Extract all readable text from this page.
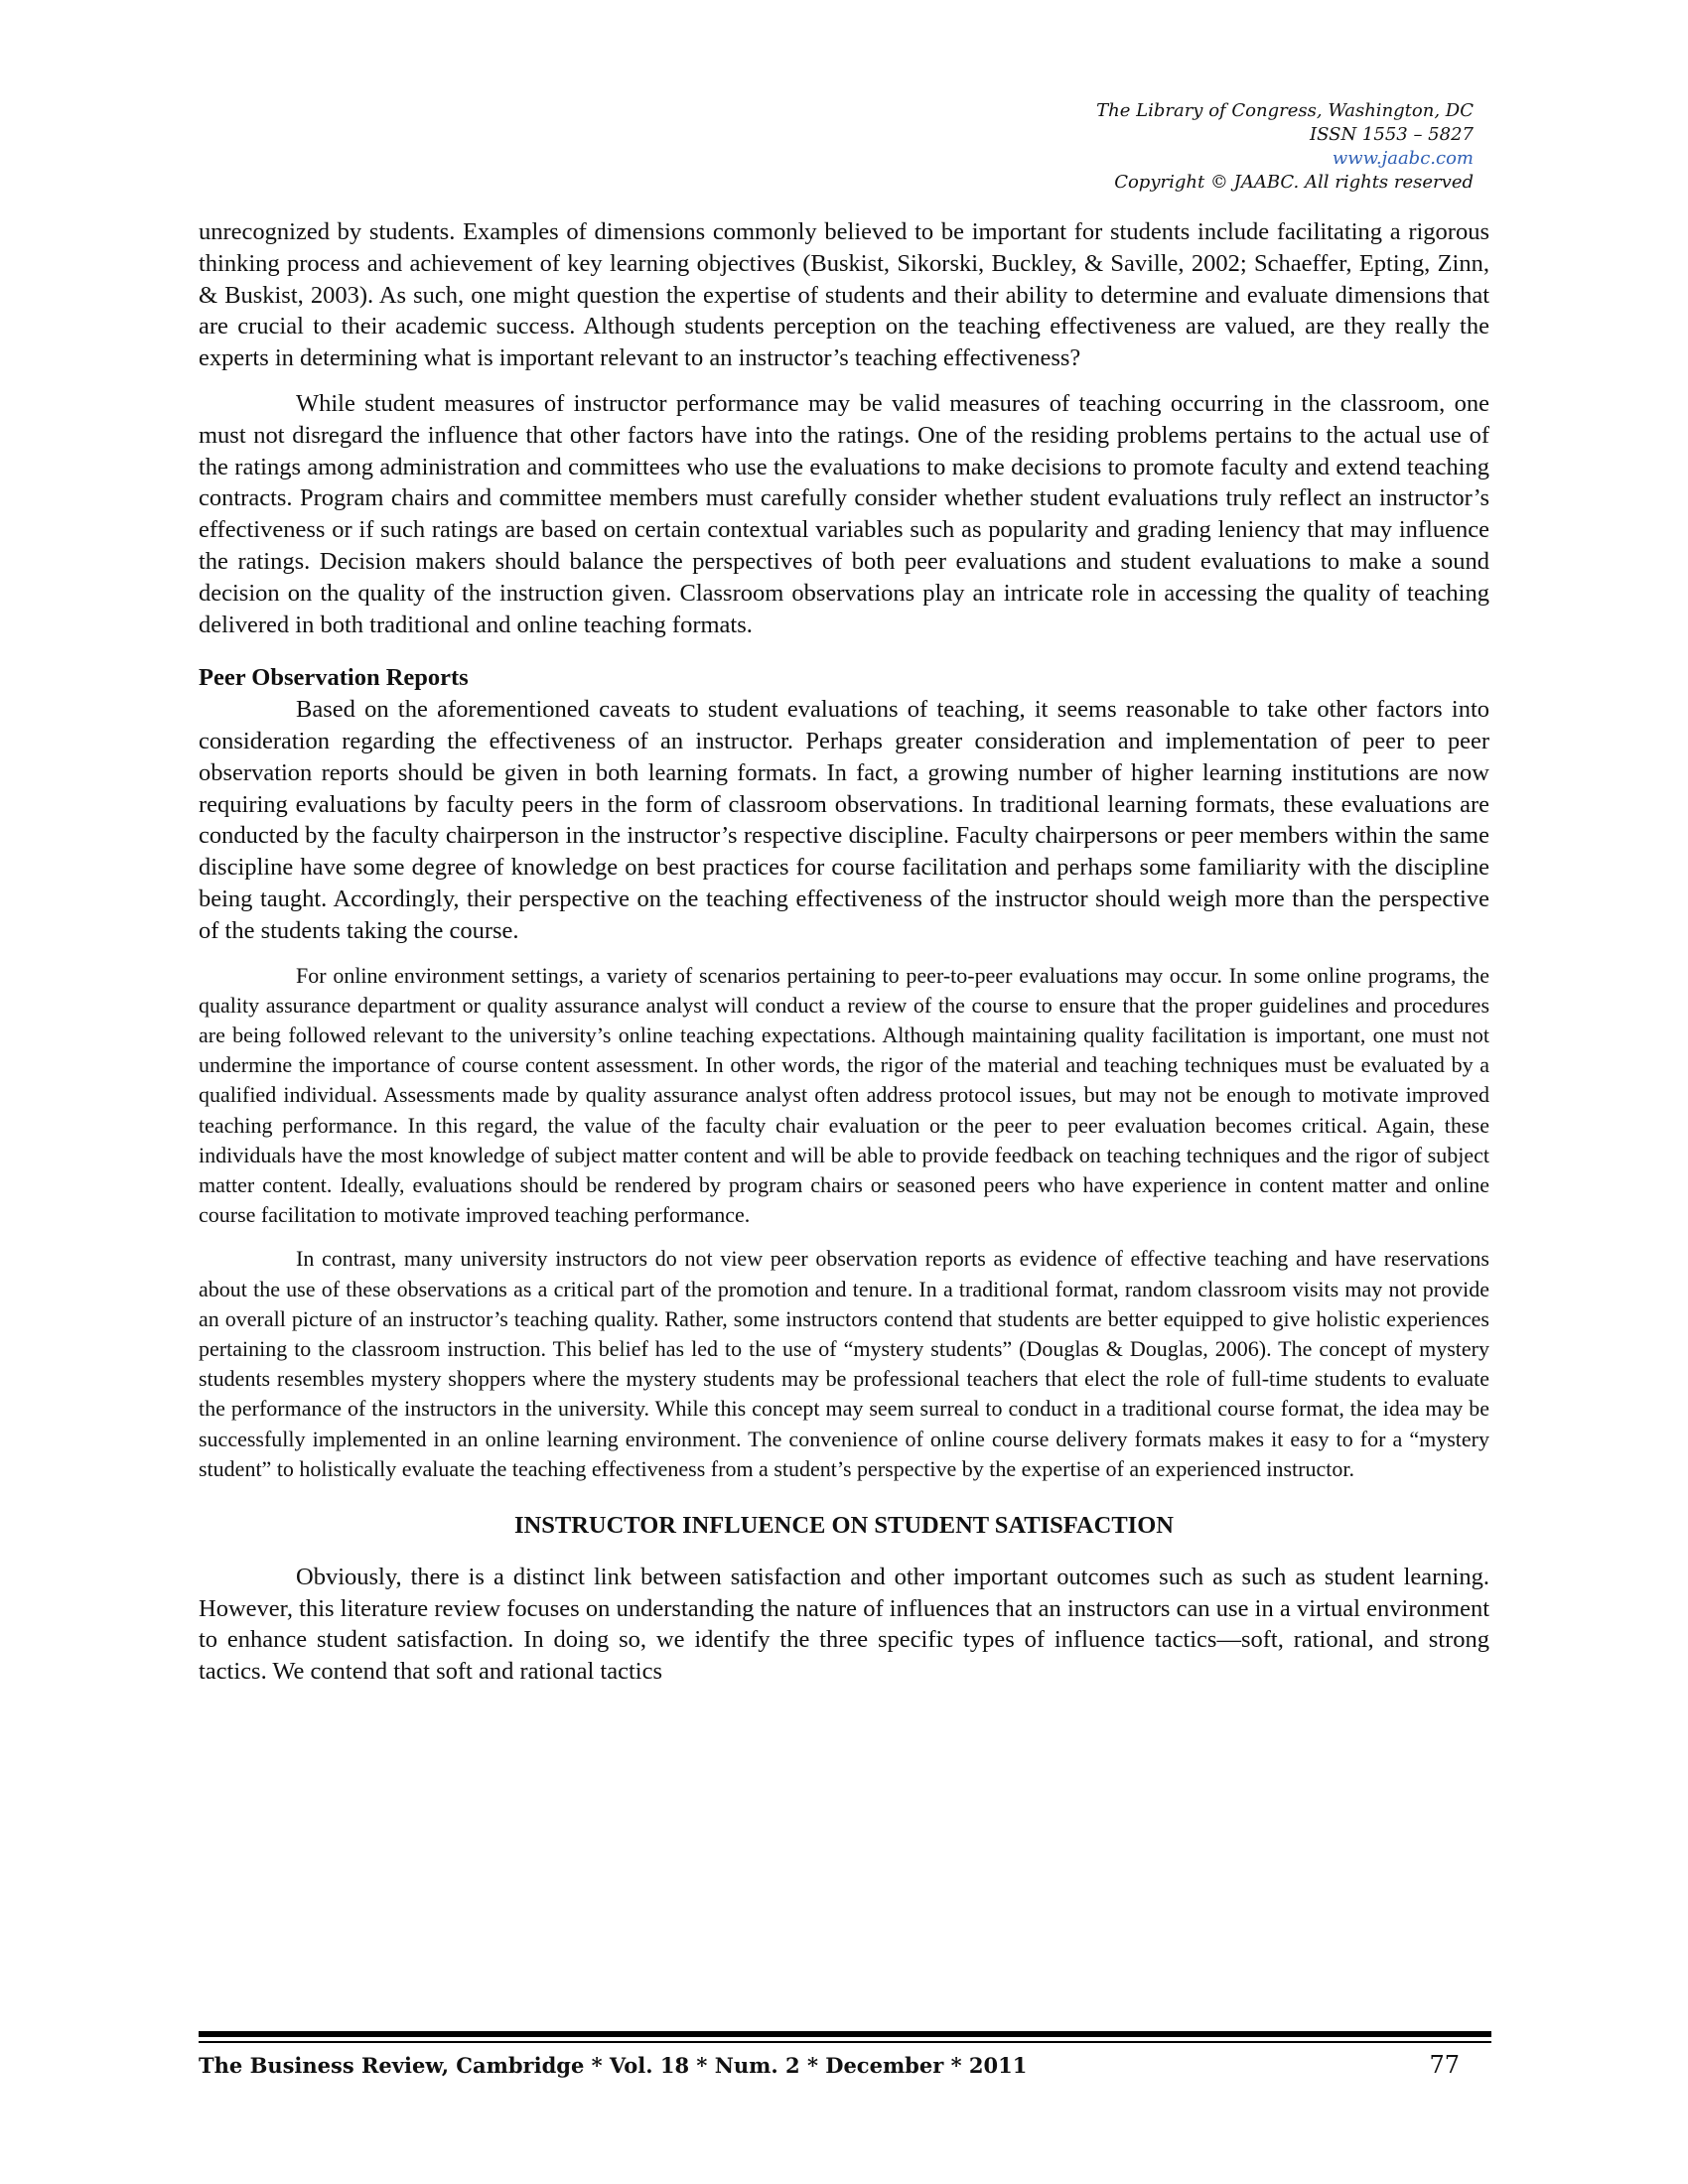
The Library of Congress, Washington, DC
ISSN 1553 – 5827
www.jaabc.com
Copyright © JAABC. All rights reserved

unrecognized by students. Examples of dimensions commonly believed to be important for students include facilitating a rigorous thinking process and achievement of key learning objectives (Buskist, Sikorski, Buckley, & Saville, 2002; Schaeffer, Epting, Zinn, & Buskist, 2003). As such, one might question the expertise of students and their ability to determine and evaluate dimensions that are crucial to their academic success. Although students perception on the teaching effectiveness are valued, are they really the experts in determining what is important relevant to an instructor’s teaching effectiveness?

While student measures of instructor performance may be valid measures of teaching occurring in the classroom, one must not disregard the influence that other factors have into the ratings. One of the residing problems pertains to the actual use of the ratings among administration and committees who use the evaluations to make decisions to promote faculty and extend teaching contracts. Program chairs and committee members must carefully consider whether student evaluations truly reflect an instructor’s effectiveness or if such ratings are based on certain contextual variables such as popularity and grading leniency that may influence the ratings. Decision makers should balance the perspectives of both peer evaluations and student evaluations to make a sound decision on the quality of the instruction given. Classroom observations play an intricate role in accessing the quality of teaching delivered in both traditional and online teaching formats.

Peer Observation Reports

Based on the aforementioned caveats to student evaluations of teaching, it seems reasonable to take other factors into consideration regarding the effectiveness of an instructor. Perhaps greater consideration and implementation of peer to peer observation reports should be given in both learning formats. In fact, a growing number of higher learning institutions are now requiring evaluations by faculty peers in the form of classroom observations. In traditional learning formats, these evaluations are conducted by the faculty chairperson in the instructor’s respective discipline. Faculty chairpersons or peer members within the same discipline have some degree of knowledge on best practices for course facilitation and perhaps some familiarity with the discipline being taught. Accordingly, their perspective on the teaching effectiveness of the instructor should weigh more than the perspective of the students taking the course.

For online environment settings, a variety of scenarios pertaining to peer-to-peer evaluations may occur. In some online programs, the quality assurance department or quality assurance analyst will conduct a review of the course to ensure that the proper guidelines and procedures are being followed relevant to the university’s online teaching expectations. Although maintaining quality facilitation is important, one must not undermine the importance of course content assessment. In other words, the rigor of the material and teaching techniques must be evaluated by a qualified individual. Assessments made by quality assurance analyst often address protocol issues, but may not be enough to motivate improved teaching performance. In this regard, the value of the faculty chair evaluation or the peer to peer evaluation becomes critical. Again, these individuals have the most knowledge of subject matter content and will be able to provide feedback on teaching techniques and the rigor of subject matter content. Ideally, evaluations should be rendered by program chairs or seasoned peers who have experience in content matter and online course facilitation to motivate improved teaching performance.

In contrast, many university instructors do not view peer observation reports as evidence of effective teaching and have reservations about the use of these observations as a critical part of the promotion and tenure. In a traditional format, random classroom visits may not provide an overall picture of an instructor’s teaching quality. Rather, some instructors contend that students are better equipped to give holistic experiences pertaining to the classroom instruction. This belief has led to the use of “mystery students” (Douglas & Douglas, 2006). The concept of mystery students resembles mystery shoppers where the mystery students may be professional teachers that elect the role of full-time students to evaluate the performance of the instructors in the university. While this concept may seem surreal to conduct in a traditional course format, the idea may be successfully implemented in an online learning environment. The convenience of online course delivery formats makes it easy to for a “mystery student” to holistically evaluate the teaching effectiveness from a student’s perspective by the expertise of an experienced instructor.

INSTRUCTOR INFLUENCE ON STUDENT SATISFACTION

Obviously, there is a distinct link between satisfaction and other important outcomes such as such as student learning. However, this literature review focuses on understanding the nature of influences that an instructors can use in a virtual environment to enhance student satisfaction. In doing so, we identify the three specific types of influence tactics—soft, rational, and strong tactics. We contend that soft and rational tactics

The Business Review, Cambridge * Vol. 18 * Num. 2 * December * 2011	77
